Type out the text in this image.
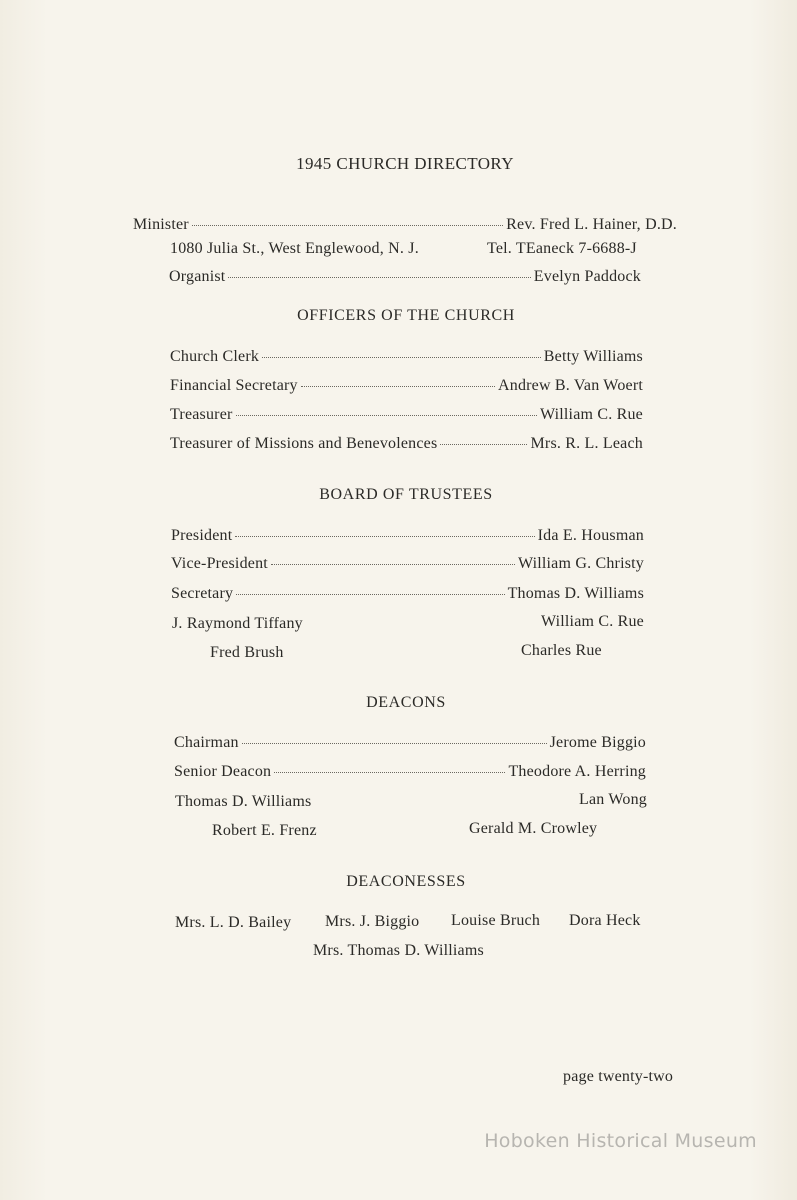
1945 CHURCH DIRECTORY
Minister	Rev. Fred L. Hainer, D.D.
1080 Julia St., West Englewood, N. J.	Tel. TEaneck 7-6688-J
Organist	Evelyn Paddock
OFFICERS OF THE CHURCH
Church Clerk	Betty Williams
Financial Secretary	Andrew B. Van Woert
Treasurer	William C. Rue
Treasurer of Missions and Benevolences	Mrs. R. L. Leach
BOARD OF TRUSTEES
President	Ida E. Housman
Vice-President	William G. Christy
Secretary	Thomas D. Williams
J. Raymond Tiffany	William C. Rue
Fred Brush	Charles Rue
DEACONS
Chairman	Jerome Biggio
Senior Deacon	Theodore A. Herring
Thomas D. Williams	Lan Wong
Robert E. Frenz	Gerald M. Crowley
DEACONESSES
Mrs. L. D. Bailey Mrs. J. Biggio Louise Bruch Dora Heck
Mrs. Thomas D. Williams
page twenty-two
Hoboken Historical Museum
